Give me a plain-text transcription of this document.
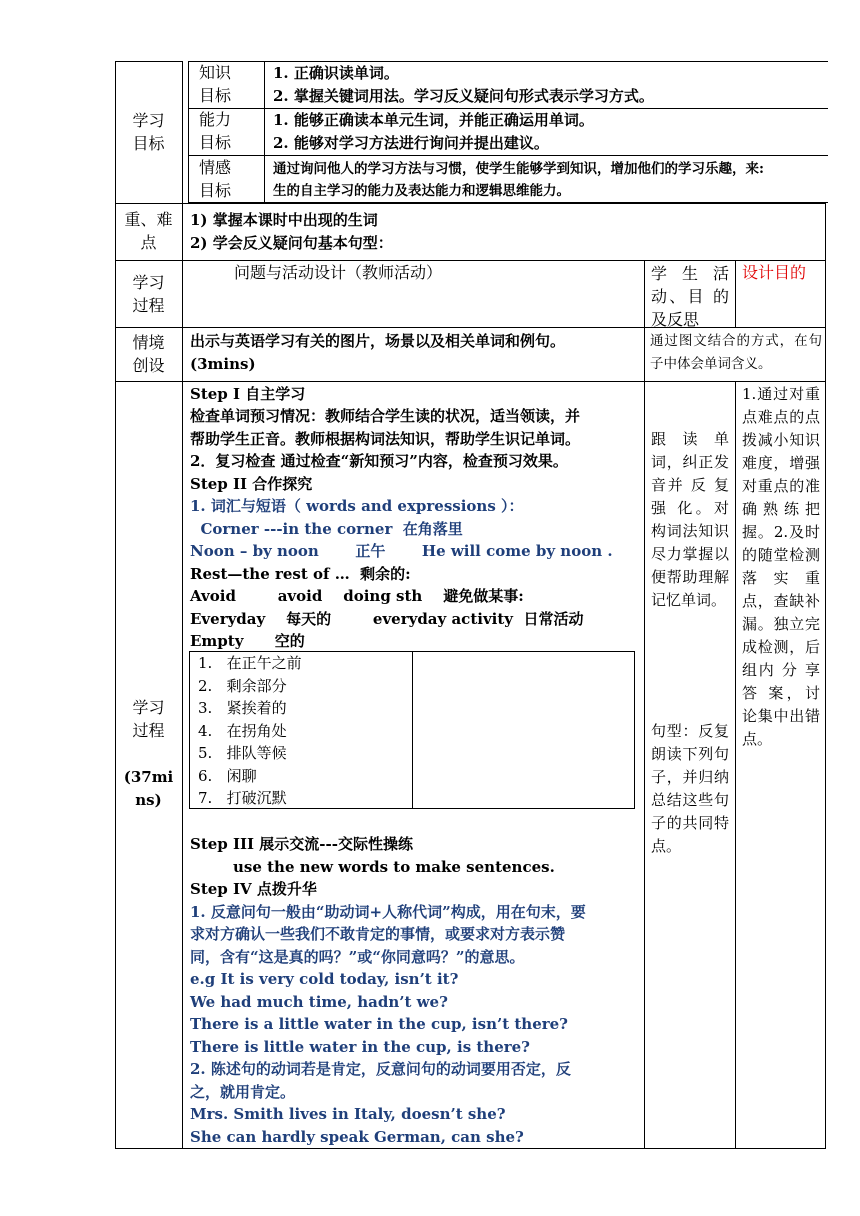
学习
目标
知识
目标
1. 正确识读单词。
2. 掌握关键词用法。学习反义疑问句形式表示学习方式。
能力
目标
1. 能够正确读本单元生词，并能正确运用单词。
2. 能够对学习方法进行询问并提出建议。
情感
目标
通过询问他人的学习方法与习惯，使学生能够学到知识，增加他们的学习乐趣，来:
生的自主学习的能力及表达能力和逻辑思维能力。
重、难
点
1) 掌握本课时中出现的生词
2) 学会反义疑问句基本句型：
学习
过程
问题与活动设计（教师活动）	学 生 活 动、目 的 及反思
设计目的
情境
创设
出示与英语学习有关的图片，场景以及相关单词和例句。
(3mins)
通过图文结合的方式，在句子中体会单词含义。
学习
过程
(37mi
ns)
Step I 自主学习
检查单词预习情况：教师结合学生读的状况，适当领读，并
帮助学生正音。教师根据构词法知识，帮助学生识记单词。
2．复习检查 通过检查“新知预习”内容，检查预习效果。
Step II 合作探究
1. 词汇与短语（ words and expressions ）：
Corner ---in the corner  在角落里
Noon – by noon       正午       He will come by noon .
Rest—the rest of …  剩余的:
Avoid        avoid    doing sth    避免做某事:
Everyday    每天的        everyday activity  日常活动
Empty      空的
1.   在正午之前
2.   剩余部分
3.   紧挨着的
4.   在拐角处
5.   排队等候
6.   闲聊
7.   打破沉默
Step III 展示交流---交际性操练
use the new words to make sentences.
Step IV 点拨升华
1. 反意问句一般由“助动词+人称代词”构成，用在句末，要
求对方确认一些我们不敢肯定的事情，或要求对方表示赞
同，含有“这是真的吗？”或“你同意吗？”的意思。
e.g It is very cold today, isn’t it?
We had much time, hadn’t we?
There is a little water in the cup, isn’t there?
There is little water in the cup, is there?
2. 陈述句的动词若是肯定，反意问句的动词要用否定，反
之，就用肯定。
Mrs. Smith lives in Italy, doesn’t she?
She can hardly speak German, can she?
跟 读 单 词，纠正发音并 反 复 强 化。对构词法知识尽力掌握以便帮助理解记忆单词。
句型：反复朗读下列句子，并归纳总结这些句子的共同特点。
1.通过对重点难点的点拨减小知识难度，增强对重点的准确熟练把握。2.及时的随堂检测落 实 重 点，查缺补漏。独立完成检测，后组内 分 享 答 案，讨论集中出错点。
